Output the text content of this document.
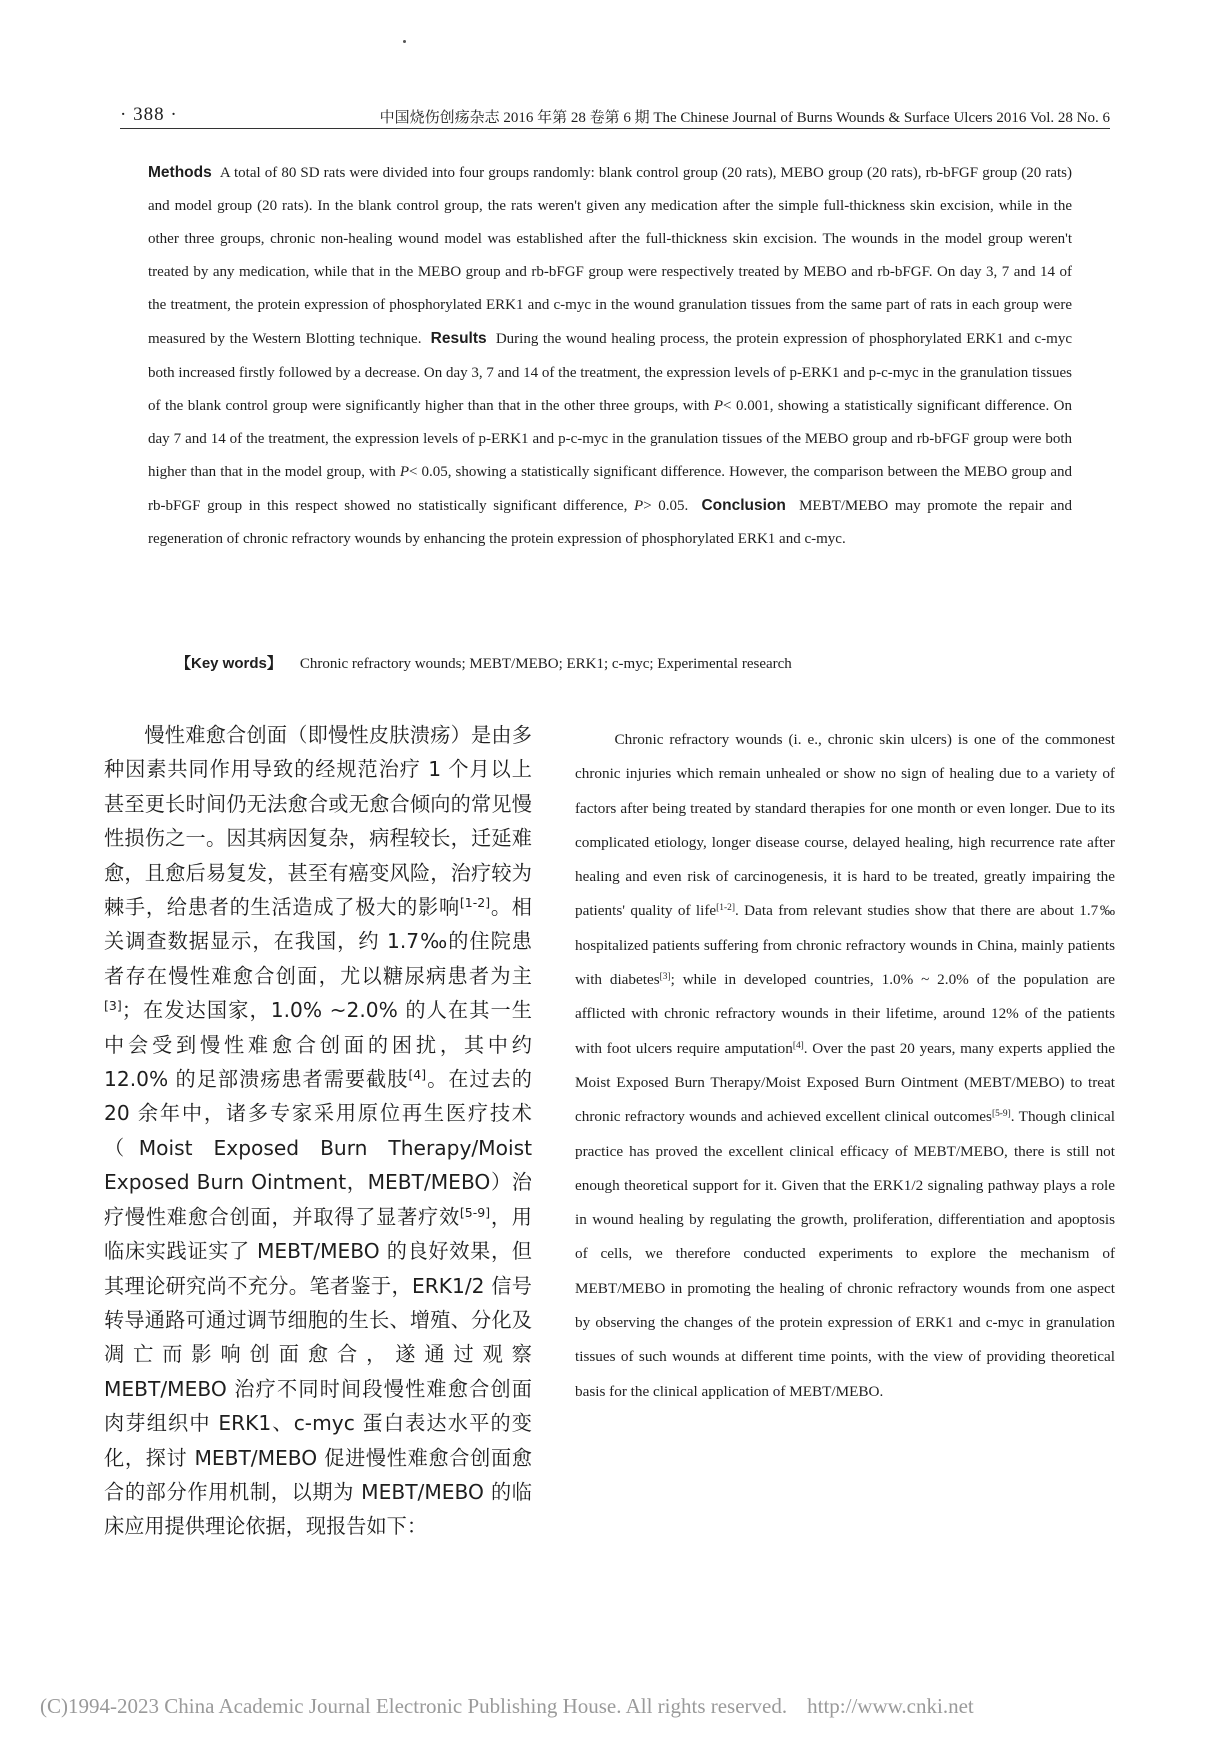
· 388 ·	中国烧伤创疡杂志 2016 年第 28 卷第 6 期 The Chinese Journal of Burns Wounds & Surface Ulcers 2016 Vol. 28 No. 6

Methods A total of 80 SD rats were divided into four groups randomly: blank control group (20 rats), MEBO group (20 rats), rb-bFGF group (20 rats) and model group (20 rats). In the blank control group, the rats weren't given any medication after the simple full-thickness skin excision, while in the other three groups, chronic non-healing wound model was established after the full-thickness skin excision. The wounds in the model group weren't treated by any medication, while that in the MEBO group and rb-bFGF group were respectively treated by MEBO and rb-bFGF. On day 3, 7 and 14 of the treatment, the protein expression of phosphorylated ERK1 and c-myc in the wound granulation tissues from the same part of rats in each group were measured by the Western Blotting technique. Results During the wound healing process, the protein expression of phosphorylated ERK1 and c-myc both increased firstly followed by a decrease. On day 3, 7 and 14 of the treatment, the expression levels of p-ERK1 and p-c-myc in the granulation tissues of the blank control group were significantly higher than that in the other three groups, with P< 0.001, showing a statistically significant difference. On day 7 and 14 of the treatment, the expression levels of p-ERK1 and p-c-myc in the granulation tissues of the MEBO group and rb-bFGF group were both higher than that in the model group, with P< 0.05, showing a statistically significant difference. However, the comparison between the MEBO group and rb-bFGF group in this respect showed no statistically significant difference, P> 0.05. Conclusion MEBT/MEBO may promote the repair and regeneration of chronic refractory wounds by enhancing the protein expression of phosphorylated ERK1 and c-myc.

【Key words】 Chronic refractory wounds; MEBT/MEBO; ERK1; c-myc; Experimental research

慢性难愈合创面（即慢性皮肤溃疡）是由多种因素共同作用导致的经规范治疗 1 个月以上甚至更长时间仍无法愈合或无愈合倾向的常见慢性损伤之一。因其病因复杂，病程较长，迁延难愈，且愈后易复发，甚至有癌变风险，治疗较为棘手，给患者的生活造成了极大的影响[1-2]。相关调查数据显示，在我国，约 1.7‰的住院患者存在慢性难愈合创面，尤以糖尿病患者为主[3]；在发达国家，1.0% ~2.0% 的人在其一生中会受到慢性难愈合创面的困扰，其中约 12.0% 的足部溃疡患者需要截肢[4]。在过去的 20 余年中，诸多专家采用原位再生医疗技术（Moist Exposed Burn Therapy/Moist Exposed Burn Ointment，MEBT/MEBO）治疗慢性难愈合创面，并取得了显著疗效[5-9]，用临床实践证实了 MEBT/MEBO 的良好效果，但其理论研究尚不充分。笔者鉴于，ERK1/2 信号转导通路可通过调节细胞的生长、增殖、分化及凋亡而影响创面愈合，遂通过观察 MEBT/MEBO 治疗不同时间段慢性难愈合创面肉芽组织中 ERK1、c-myc 蛋白表达水平的变化，探讨 MEBT/MEBO 促进慢性难愈合创面愈合的部分作用机制，以期为 MEBT/MEBO 的临床应用提供理论依据，现报告如下：

Chronic refractory wounds (i. e., chronic skin ulcers) is one of the commonest chronic injuries which remain unhealed or show no sign of healing due to a variety of factors after being treated by standard therapies for one month or even longer. Due to its complicated etiology, longer disease course, delayed healing, high recurrence rate after healing and even risk of carcinogenesis, it is hard to be treated, greatly impairing the patients' quality of life[1-2]. Data from relevant studies show that there are about 1.7‰ hospitalized patients suffering from chronic refractory wounds in China, mainly patients with diabetes[3]; while in developed countries, 1.0% ~ 2.0% of the population are afflicted with chronic refractory wounds in their lifetime, around 12% of the patients with foot ulcers require amputation[4]. Over the past 20 years, many experts applied the Moist Exposed Burn Therapy/Moist Exposed Burn Ointment (MEBT/MEBO) to treat chronic refractory wounds and achieved excellent clinical outcomes[5-9]. Though clinical practice has proved the excellent clinical efficacy of MEBT/MEBO, there is still not enough theoretical support for it. Given that the ERK1/2 signaling pathway plays a role in wound healing by regulating the growth, proliferation, differentiation and apoptosis of cells, we therefore conducted experiments to explore the mechanism of MEBT/MEBO in promoting the healing of chronic refractory wounds from one aspect by observing the changes of the protein expression of ERK1 and c-myc in granulation tissues of such wounds at different time points, with the view of providing theoretical basis for the clinical application of MEBT/MEBO.

(C)1994-2023 China Academic Journal Electronic Publishing House. All rights reserved. http://www.cnki.net
